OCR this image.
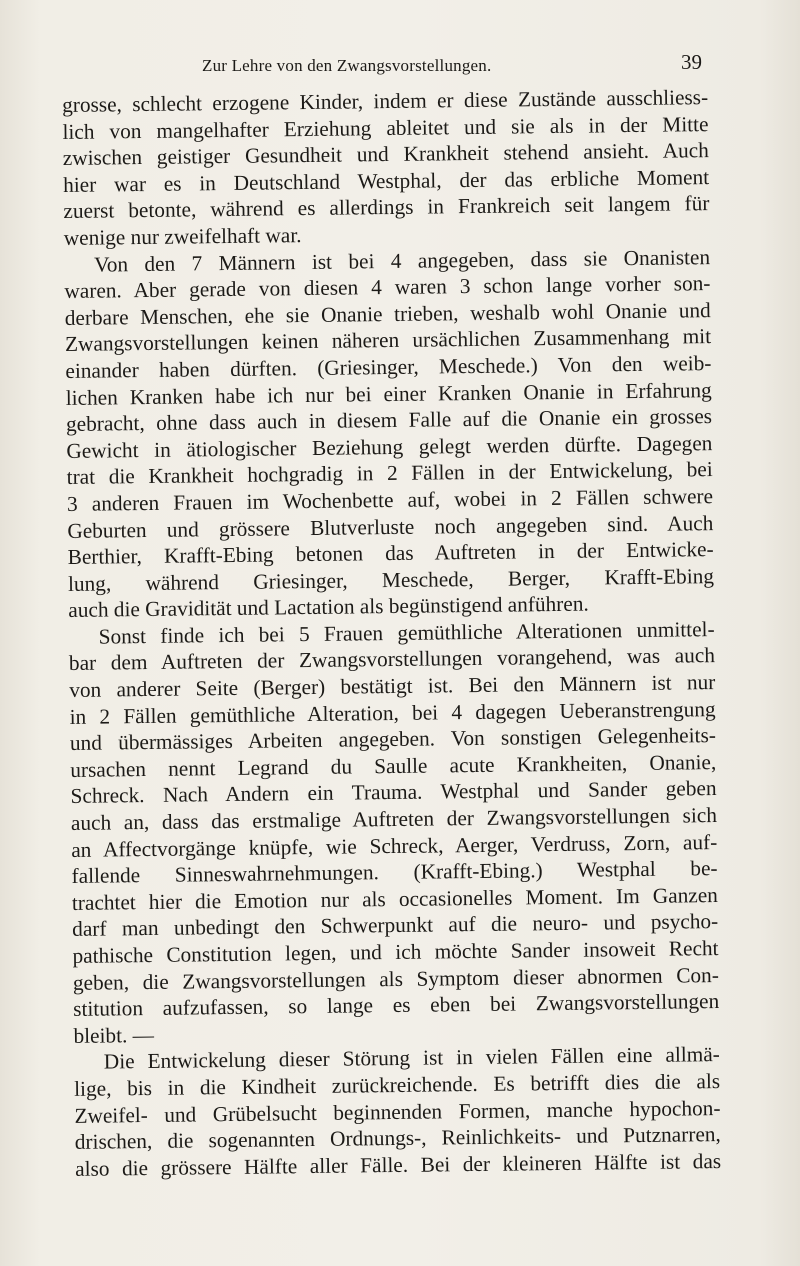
Zur Lehre von den Zwangsvorstellungen.	39
grosse, schlecht erzogene Kinder, indem er diese Zustände ausschliess-
lich von mangelhafter Erziehung ableitet und sie als in der Mitte
zwischen geistiger Gesundheit und Krankheit stehend ansieht. Auch
hier war es in Deutschland Westphal, der das erbliche Moment
zuerst betonte, während es allerdings in Frankreich seit langem für
wenige nur zweifelhaft war.
Von den 7 Männern ist bei 4 angegeben, dass sie Onanisten
waren. Aber gerade von diesen 4 waren 3 schon lange vorher son-
derbare Menschen, ehe sie Onanie trieben, weshalb wohl Onanie und
Zwangsvorstellungen keinen näheren ursächlichen Zusammenhang mit
einander haben dürften. (Griesinger, Meschede.) Von den weib-
lichen Kranken habe ich nur bei einer Kranken Onanie in Erfahrung
gebracht, ohne dass auch in diesem Falle auf die Onanie ein grosses
Gewicht in ätiologischer Beziehung gelegt werden dürfte. Dagegen
trat die Krankheit hochgradig in 2 Fällen in der Entwickelung, bei
3 anderen Frauen im Wochenbette auf, wobei in 2 Fällen schwere
Geburten und grössere Blutverluste noch angegeben sind. Auch
Berthier, Krafft-Ebing betonen das Auftreten in der Entwicke-
lung, während Griesinger, Meschede, Berger, Krafft-Ebing
auch die Gravidität und Lactation als begünstigend anführen.
Sonst finde ich bei 5 Frauen gemüthliche Alterationen unmittel-
bar dem Auftreten der Zwangsvorstellungen vorangehend, was auch
von anderer Seite (Berger) bestätigt ist. Bei den Männern ist nur
in 2 Fällen gemüthliche Alteration, bei 4 dagegen Ueberanstrengung
und übermässiges Arbeiten angegeben. Von sonstigen Gelegenheits-
ursachen nennt Legrand du Saulle acute Krankheiten, Onanie,
Schreck. Nach Andern ein Trauma. Westphal und Sander geben
auch an, dass das erstmalige Auftreten der Zwangsvorstellungen sich
an Affectvorgänge knüpfe, wie Schreck, Aerger, Verdruss, Zorn, auf-
fallende Sinneswahrnehmungen. (Krafft-Ebing.) Westphal be-
trachtet hier die Emotion nur als occasionelles Moment. Im Ganzen
darf man unbedingt den Schwerpunkt auf die neuro- und psycho-
pathische Constitution legen, und ich möchte Sander insoweit Recht
geben, die Zwangsvorstellungen als Symptom dieser abnormen Con-
stitution aufzufassen, so lange es eben bei Zwangsvorstellungen
bleibt. —
Die Entwickelung dieser Störung ist in vielen Fällen eine allmä-
lige, bis in die Kindheit zurückreichende. Es betrifft dies die als
Zweifel- und Grübelsucht beginnenden Formen, manche hypochon-
drischen, die sogenannten Ordnungs-, Reinlichkeits- und Putznarren,
also die grössere Hälfte aller Fälle. Bei der kleineren Hälfte ist das
